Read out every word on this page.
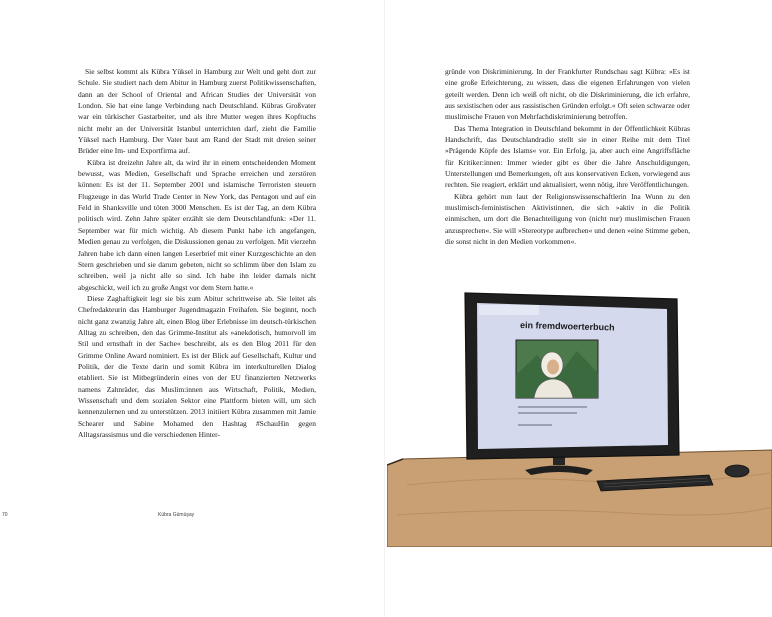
Sie selbst kommt als Kübra Yüksel in Hamburg zur Welt und geht dort zur Schule. Sie studiert nach dem Abitur in Hamburg zuerst Politikwissenschaften, dann an der School of Oriental and African Studies der Universität von London. Sie hat eine lange Verbindung nach Deutschland. Kübras Großvater war ein türkischer Gastarbeiter, und als ihre Mutter wegen ihres Kopftuchs nicht mehr an der Universität Istanbul unterrichten darf, zieht die Familie Yüksel nach Hamburg. Der Vater baut am Rand der Stadt mit dreien seiner Brüder eine Im- und Exportfirma auf.

Kübra ist dreizehn Jahre alt, da wird ihr in einem entscheidenden Moment bewusst, was Medien, Gesellschaft und Sprache erreichen und zerstören können: Es ist der 11. September 2001 und islamische Terroristen steuern Flugzeuge in das World Trade Center in New York, das Pentagon und auf ein Feld in Shanksville und töten 3000 Menschen. Es ist der Tag, an dem Kübra politisch wird. Zehn Jahre später erzählt sie dem Deutschlandfunk: »Der 11. September war für mich wichtig. Ab diesem Punkt habe ich angefangen, Medien genau zu verfolgen, die Diskussionen genau zu verfolgen. Mit vierzehn Jahren habe ich dann einen langen Leserbrief mit einer Kurzgeschichte an den Stern geschrieben und sie darum gebeten, nicht so schlimm über den Islam zu schreiben, weil ja nicht alle so sind. Ich habe ihn leider damals nicht abgeschickt, weil ich zu große Angst vor dem Stern hatte.«

Diese Zaghaftigkeit legt sie bis zum Abitur schrittweise ab. Sie leitet als Chefredakteurin das Hamburger Jugendmagazin Freihafen. Sie beginnt, noch nicht ganz zwanzig Jahre alt, einen Blog über Erlebnisse im deutsch-türkischen Alltag zu schreiben, den das Grimme-Institut als »anekdotisch, humorvoll im Stil und ernsthaft in der Sache« beschreibt, als es den Blog 2011 für den Grimme Online Award nominiert. Es ist der Blick auf Gesellschaft, Kultur und Politik, der die Texte darin und somit Kübra im interkulturellen Dialog etabliert. Sie ist Mitbegründerin eines von der EU finanzierten Netzwerks namens Zahnräder, das Muslim:innen aus Wirtschaft, Politik, Medien, Wissenschaft und dem sozialen Sektor eine Plattform bieten will, um sich kennenzulernen und zu unterstützen. 2013 initiiert Kübra zusammen mit Jamie Schearer und Sabine Mohamed den Hashtag #SchauHin gegen Alltagsrassismus und die verschiedenen Hinter-

70	Kübra Gümüşay

gründe von Diskriminierung. In der Frankfurter Rundschau sagt Kübra: »Es ist eine große Erleichterung, zu wissen, dass die eigenen Erfahrungen von vielen geteilt werden. Denn ich weiß oft nicht, ob die Diskriminierung, die ich erfahre, aus sexistischen oder aus rassistischen Gründen erfolgt.« Oft seien schwarze oder muslimische Frauen von Mehrfachdiskriminierung betroffen.

Das Thema Integration in Deutschland bekommt in der Öffentlichkeit Kübras Handschrift, das Deutschlandradio stellt sie in einer Reihe mit dem Titel »Prägende Köpfe des Islams« vor. Ein Erfolg, ja, aber auch eine Angriffsfläche für Kritiker:innen: Immer wieder gibt es über die Jahre Anschuldigungen, Unterstellungen und Bemerkungen, oft aus konservativen Ecken, vorwiegend aus rechten. Sie reagiert, erklärt und aktualisiert, wenn nötig, ihre Veröffentlichungen.

Kübra gehört nun laut der Religionswissenschaftlerin Ina Wunn zu den muslimisch-feministischen Aktivistinnen, die sich »aktiv in die Politik einmischen, um dort die Benachteiligung von (nicht nur) muslimischen Frauen anzusprechen«. Sie will »Stereotype aufbrechen« und denen »eine Stimme geben, die sonst nicht in den Medien vorkommen«.

ein fremdwoerterbuch
